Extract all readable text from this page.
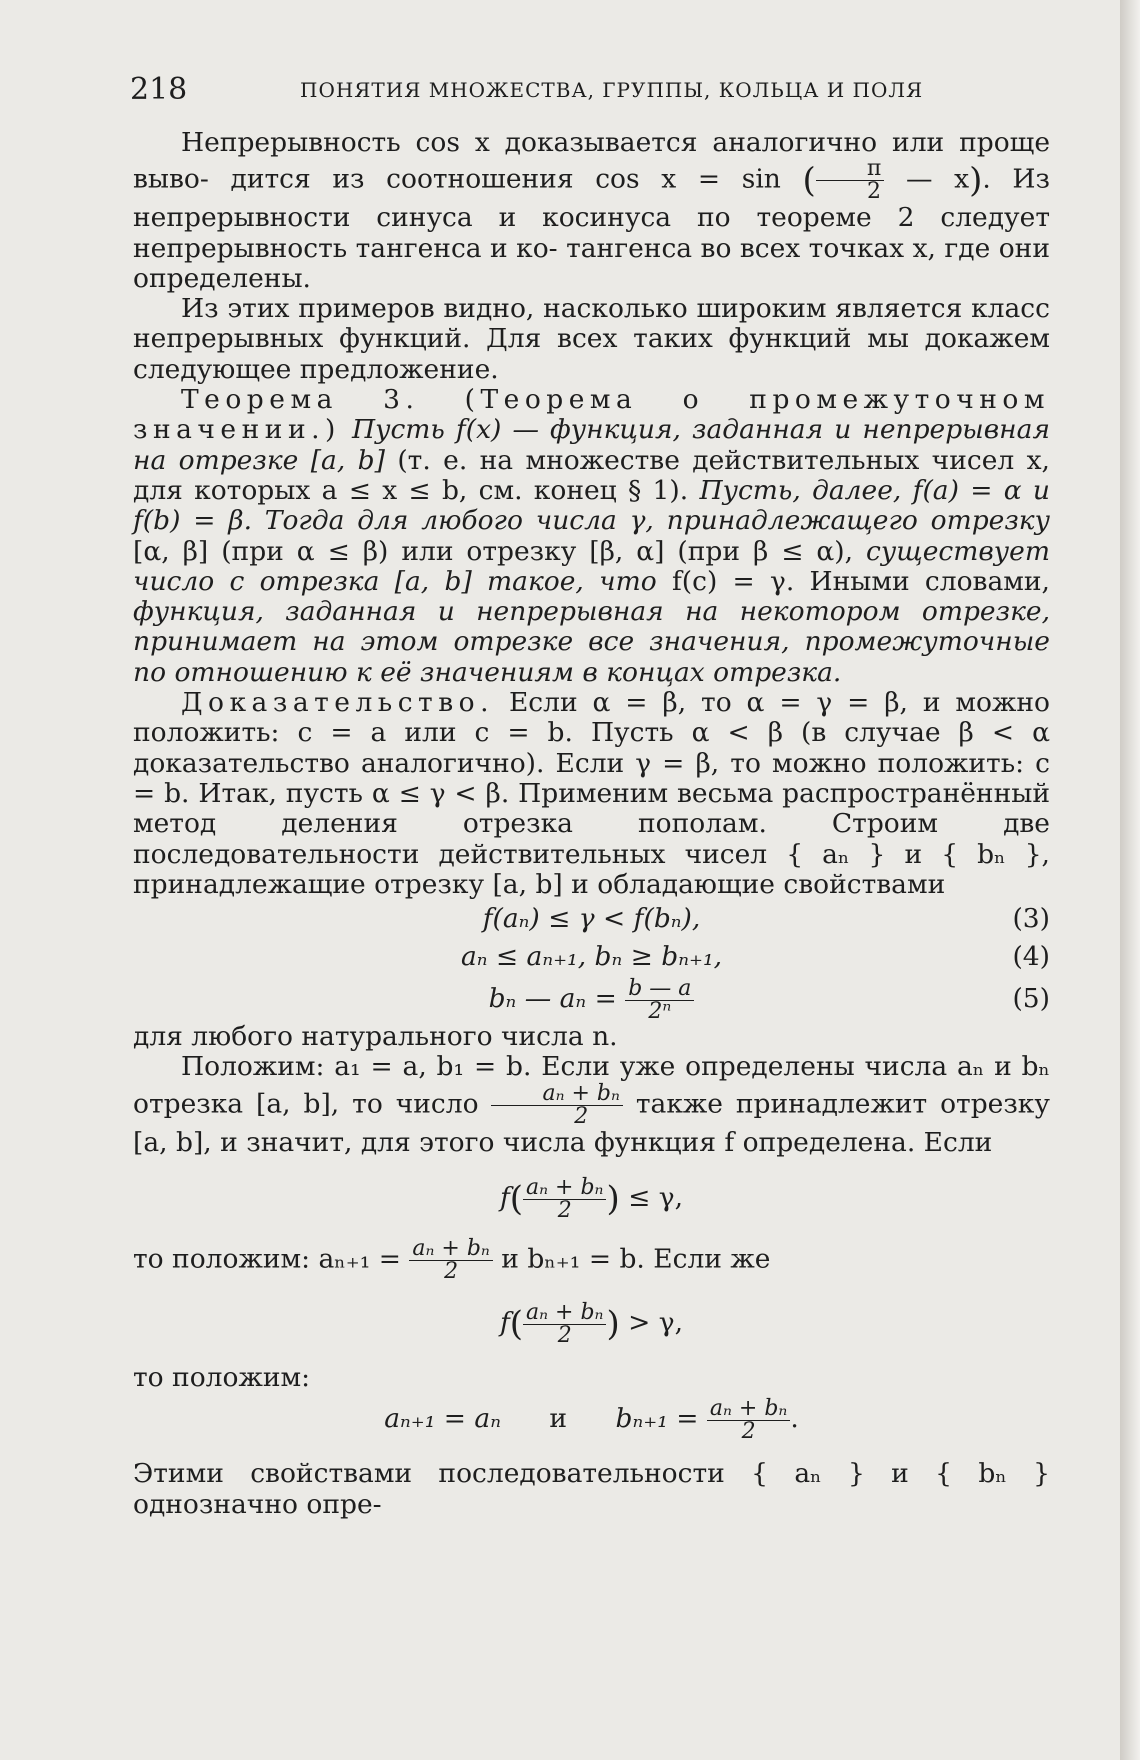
218	ПОНЯТИЯ МНОЖЕСТВА, ГРУППЫ, КОЛЬЦА И ПОЛЯ

Непрерывность cos x доказывается аналогично или проще выво- дится из соотношения cos x = sin ( $\frac{\pi}{2}$ — x). Из непрерывности синуса и косинуса по теореме 2 следует непрерывность тангенса и ко- тангенса во всех точках x, где они определены.

Из этих примеров видно, насколько широким является класс непрерывных функций. Для всех таких функций мы докажем следующее предложение.

Теорема 3. (Теорема о промежуточном значении.) Пусть f(x) — функция, заданная и непрерывная на отрезке [a, b] (т. е. на множестве действительных чисел x, для которых a ≤ x ≤ b, см. конец § 1). Пусть, далее, f(a) = α и f(b) = β. Тогда для любого числа γ, принадлежащего отрезку [α, β] (при α ≤ β) или отрезку [β, α] (при β ≤ α), существует число c отрезка [a, b] такое, что f(c) = γ. Иными словами, функция, заданная и непрерывная на некотором отрезке, принимает на этом отрезке все значения, промежуточные по отношению к её значениям в концах отрезка.

Доказательство. Если α = β, то α = γ = β, и можно положить: c = a или c = b. Пусть α < β (в случае β < α доказательство аналогично). Если γ = β, то можно положить: c = b. Итак, пусть α ≤ γ < β. Применим весьма распространённый метод деления отрезка пополам. Строим две последовательности действительных чисел { aₙ } и { bₙ }, принадлежащие отрезку [a, b] и обладающие свойствами

f(aₙ) ≤ γ < f(bₙ),	(3)
aₙ ≤ aₙ₊₁, bₙ ≥ bₙ₊₁,	(4)
bₙ — $a_n = \frac{b — a}{\text{2ⁿ}}$	(5)

для любого натурального числа n.

Положим: a₁ = a, b₁ = b. Если уже определены числа aₙ и bₙ отрезка [a, b], то число $\frac{\text{aₙ + bₙ}}{2}$ также принадлежит отрезку [a, b], и значит, для этого числа функция f определена. Если

$f( \frac{\text{aₙ + bₙ}}{2}$ ) ≤ γ,

то положим: $a_{n+1} = \frac{\text{aₙ + bₙ}}{2}$ и bₙ₊₁ = b. Если же

$f( \frac{\text{aₙ + bₙ}}{2}$ ) > γ,

то положим:

aₙ₊₁ = aₙ и $b_{n+1} = \frac{\text{aₙ + bₙ}}{2}$ .

Этими свойствами последовательности { aₙ } и { bₙ } однозначно опре-
